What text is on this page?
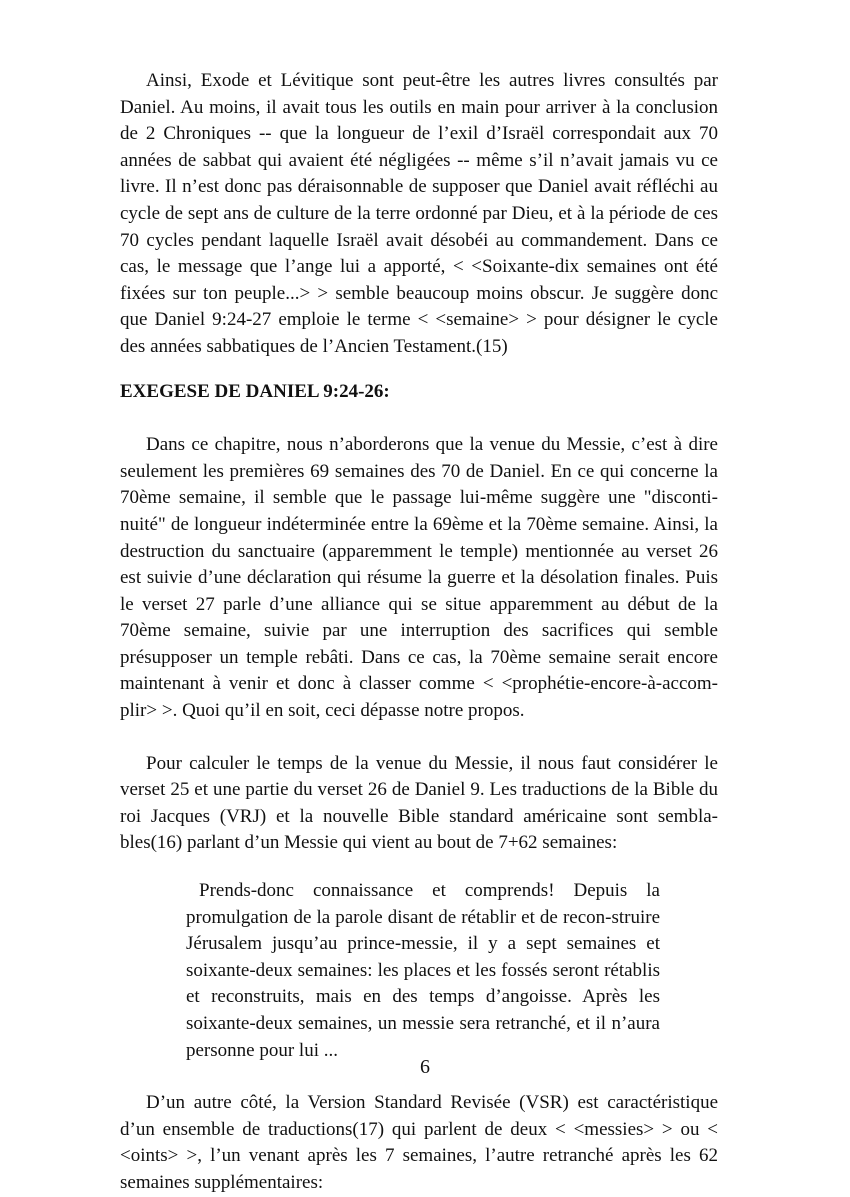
Ainsi, Exode et Lévitique sont peut-être les autres livres consultés par Daniel. Au moins, il avait tous les outils en main pour arriver à la conclusion de 2 Chroniques -- que la longueur de l’exil d’Israël correspondait aux 70 années de sabbat qui avaient été négligées -- même s’il n’avait jamais vu ce livre. Il n’est donc pas déraisonnable de supposer que Daniel avait réfléchi au cycle de sept ans de culture de la terre ordonné par Dieu, et à la période de ces 70 cycles pendant laquelle Israël avait désobéi au commandement. Dans ce cas, le message que l’ange lui a apporté, < <Soixante-dix semaines ont été fixées sur ton peuple...> > semble beaucoup moins obscur. Je suggère donc que Daniel 9:24-27 emploie le terme < <semaine> > pour désigner le cycle des années sabbatiques de l’Ancien Testament.(15)

EXEGESE DE DANIEL 9:24-26:

Dans ce chapitre, nous n’aborderons que la venue du Messie, c’est à dire seulement les premières 69 semaines des 70 de Daniel. En ce qui concerne la 70ème semaine, il semble que le passage lui-même suggère une "disconti-nuité" de longueur indéterminée entre la 69ème et la 70ème semaine. Ainsi, la destruction du sanctuaire (apparemment le temple) mentionnée au verset 26 est suivie d’une déclaration qui résume la guerre et la désolation finales. Puis le verset 27 parle d’une alliance qui se situe apparemment au début de la 70ème semaine, suivie par une interruption des sacrifices qui semble présupposer un temple rebâti. Dans ce cas, la 70ème semaine serait encore maintenant à venir et donc à classer comme < <prophétie-encore-à-accom-plir> >. Quoi qu’il en soit, ceci dépasse notre propos.

Pour calculer le temps de la venue du Messie, il nous faut considérer le verset 25 et une partie du verset 26 de Daniel 9. Les traductions de la Bible du roi Jacques (VRJ) et la nouvelle Bible standard américaine sont sembla-bles(16) parlant d’un Messie qui vient au bout de 7+62 semaines:

Prends-donc connaissance et comprends! Depuis la promulgation de la parole disant de rétablir et de recon-struire Jérusalem jusqu’au prince-messie, il y a sept semaines et soixante-deux semaines: les places et les fossés seront rétablis et reconstruits, mais en des temps d’angoisse. Après les soixante-deux semaines, un messie sera retranché, et il n’aura personne pour lui ...

D’un autre côté, la Version Standard Revisée (VSR) est caractéristique d’un ensemble de traductions(17) qui parlent de deux < <messies> > ou < <oints> >, l’un venant après les 7 semaines, l’autre retranché après les 62 semaines supplémentaires:

6
